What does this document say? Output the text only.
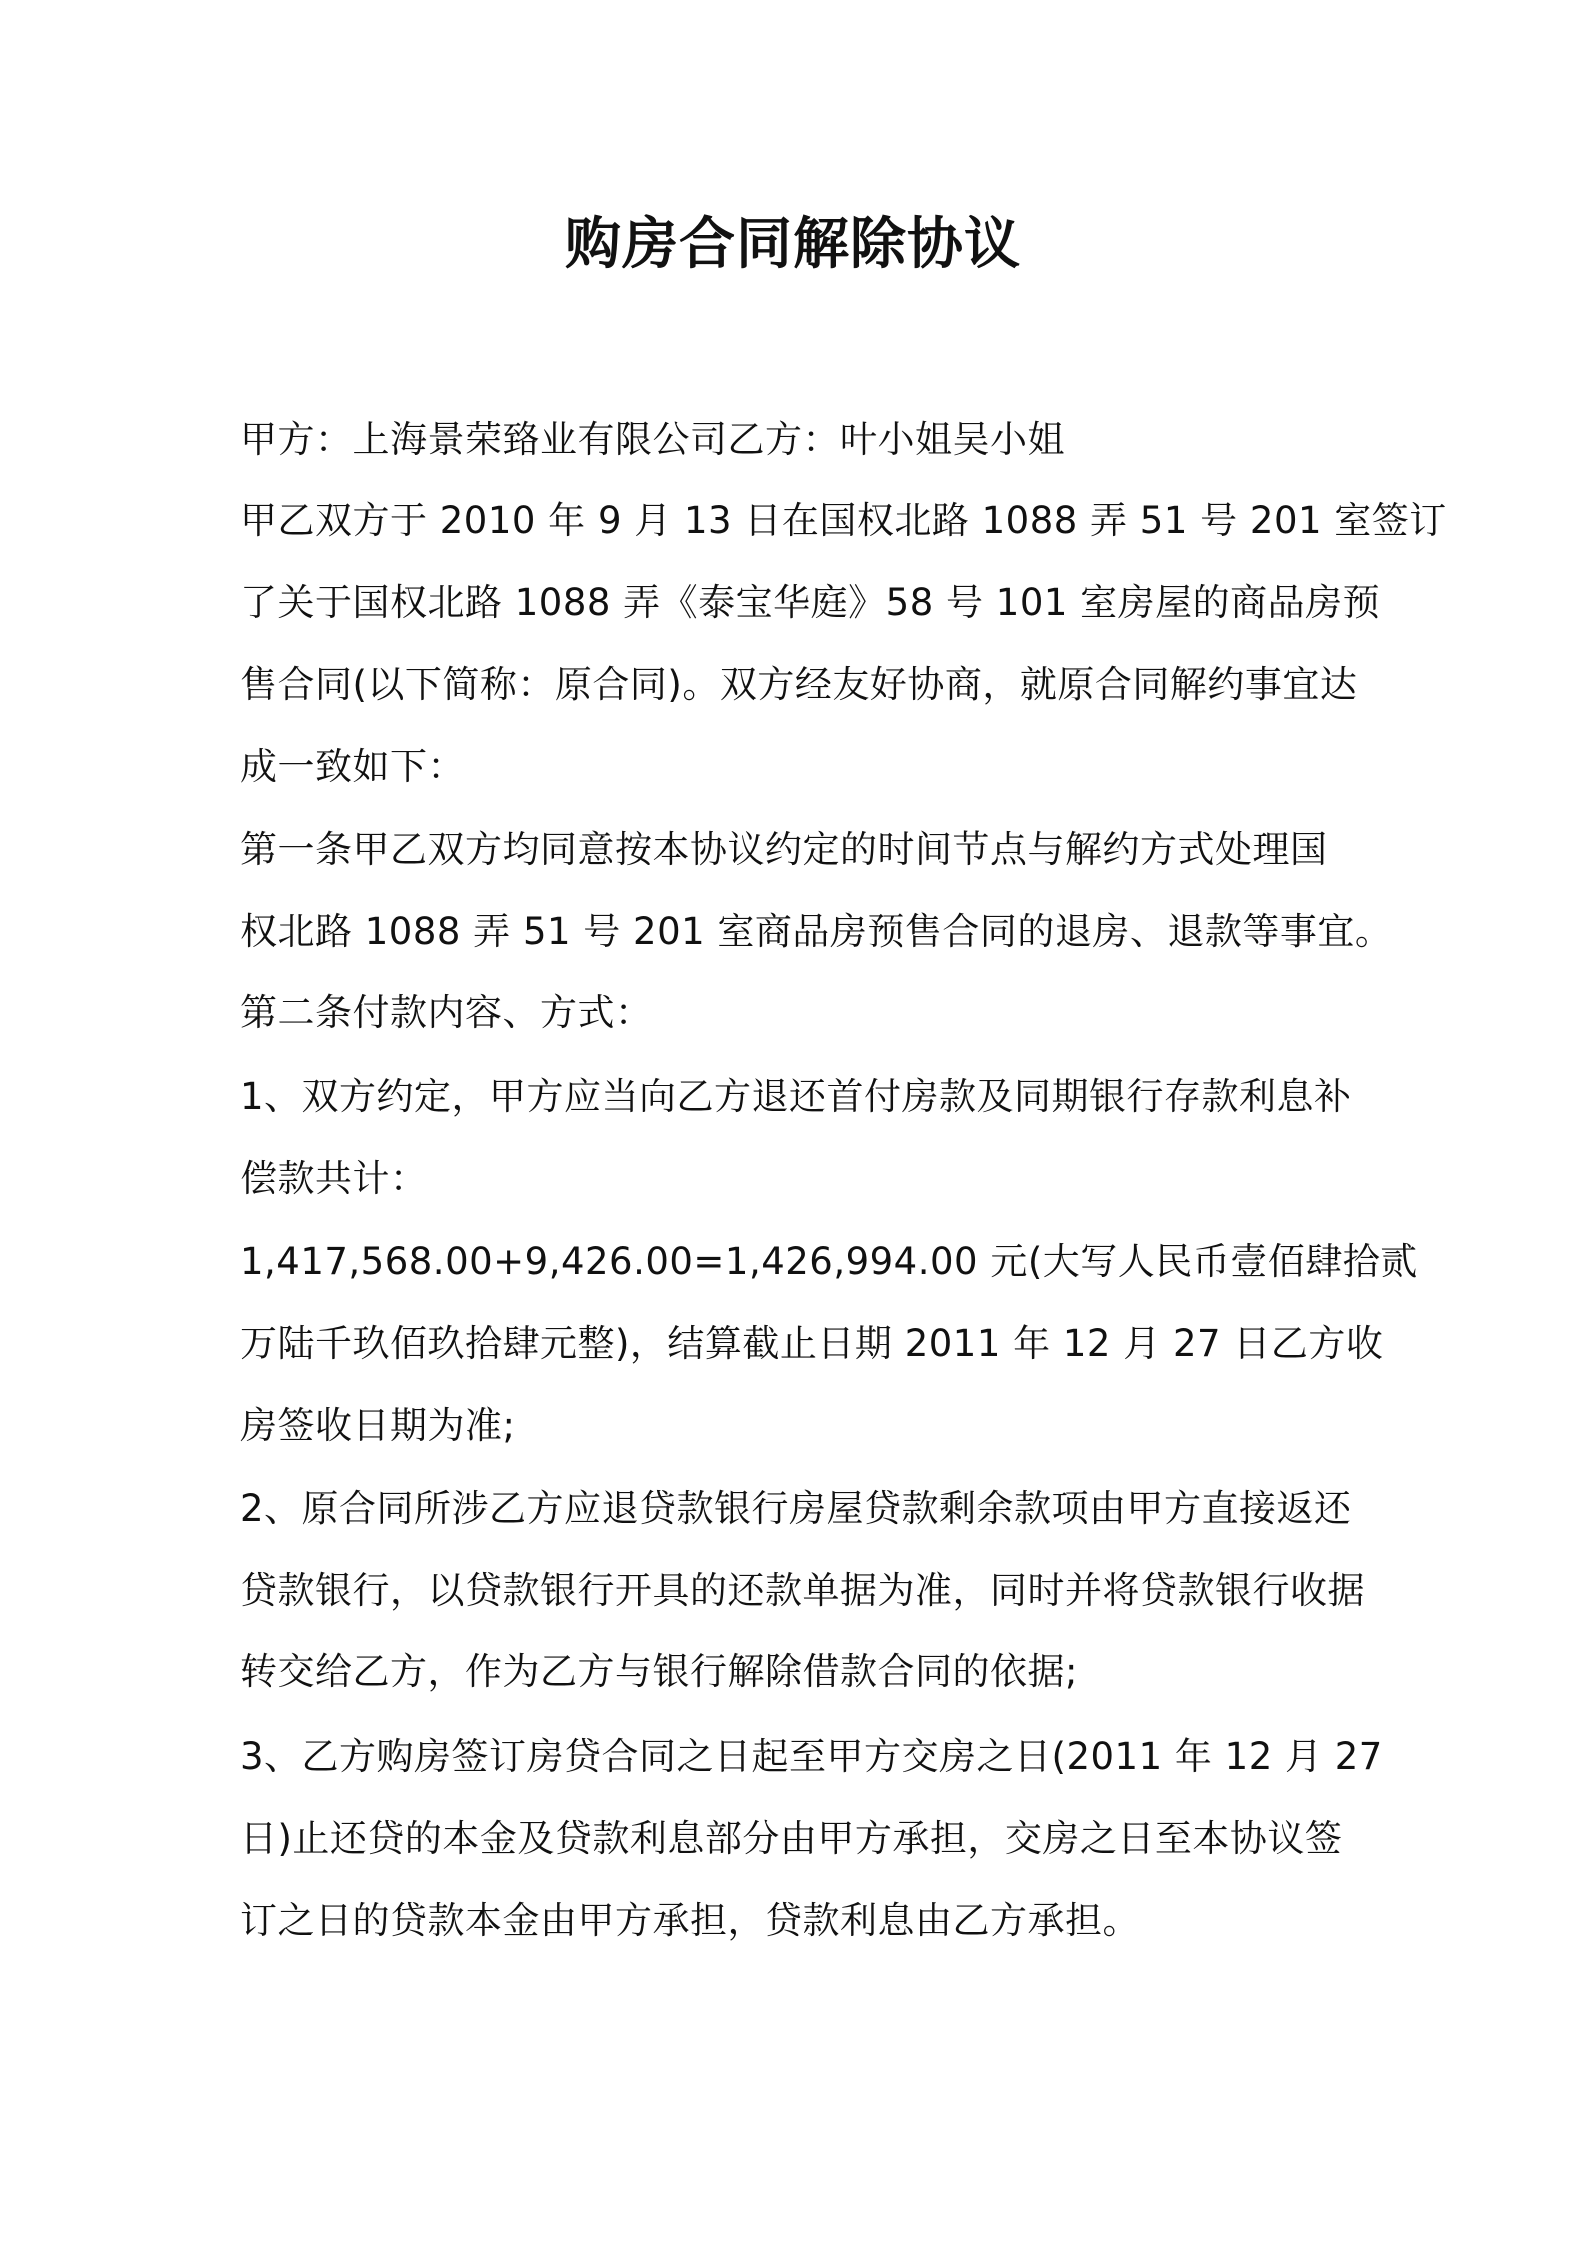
购房合同解除协议

甲方：上海景荣臵业有限公司乙方：叶小姐吴小姐

甲乙双方于 2010 年 9 月 13 日在国权北路 1088 弄 51 号 201 室签订

了关于国权北路 1088 弄《泰宝华庭》58 号 101 室房屋的商品房预

售合同(以下简称：原合同)。双方经友好协商，就原合同解约事宜达

成一致如下：

第一条甲乙双方均同意按本协议约定的时间节点与解约方式处理国

权北路 1088 弄 51 号 201 室商品房预售合同的退房、退款等事宜。

第二条付款内容、方式：

1、双方约定，甲方应当向乙方退还首付房款及同期银行存款利息补

偿款共计：

1,417,568.00+9,426.00=1,426,994.00 元(大写人民币壹佰肆拾贰

万陆千玖佰玖拾肆元整)，结算截止日期 2011 年 12 月 27 日乙方收

房签收日期为准;

2、原合同所涉乙方应退贷款银行房屋贷款剩余款项由甲方直接返还

贷款银行，以贷款银行开具的还款单据为准，同时并将贷款银行收据

转交给乙方，作为乙方与银行解除借款合同的依据;

3、乙方购房签订房贷合同之日起至甲方交房之日(2011 年 12 月 27

日)止还贷的本金及贷款利息部分由甲方承担，交房之日至本协议签

订之日的贷款本金由甲方承担，贷款利息由乙方承担。
